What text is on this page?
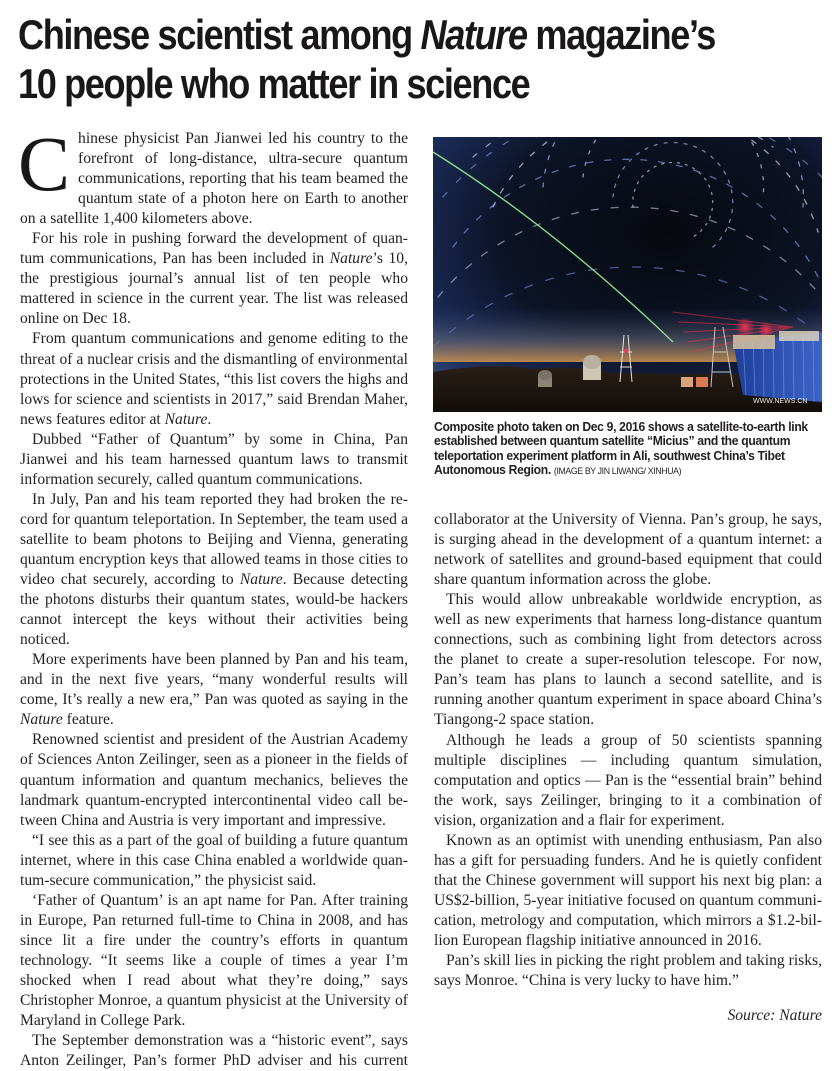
Chinese scientist among Nature magazine’s
10 people who matter in science

Chinese physicist Pan Jianwei led his country to the forefront of long-distance, ultra-secure quantum communications, reporting that his team beamed the quantum state of a photon here on Earth to another on a satellite 1,400 kilometers above.

For his role in pushing forward the development of quantum communications, Pan has been included in Nature’s 10, the prestigious journal’s annual list of ten people who mattered in science in the current year. The list was released online on Dec 18.

From quantum communications and genome editing to the threat of a nuclear crisis and the dismantling of environmental protections in the United States, “this list covers the highs and lows for science and scientists in 2017,” said Brendan Maher, news features editor at Nature.

Dubbed “Father of Quantum” by some in China, Pan Jianwei and his team harnessed quantum laws to transmit information securely, called quantum communications.

In July, Pan and his team reported they had broken the record for quantum teleportation. In September, the team used a satellite to beam photons to Beijing and Vienna, generating quantum encryption keys that allowed teams in those cities to video chat securely, according to Nature. Because detecting the photons disturbs their quantum states, would-be hackers cannot intercept the keys without their activities being noticed.

More experiments have been planned by Pan and his team, and in the next five years, “many wonderful results will come, It’s really a new era,” Pan was quoted as saying in the Nature feature.

Renowned scientist and president of the Austrian Academy of Sciences Anton Zeilinger, seen as a pioneer in the fields of quantum information and quantum mechanics, believes the landmark quantum-encrypted intercontinental video call between China and Austria is very important and impressive.

“I see this as a part of the goal of building a future quantum internet, where in this case China enabled a worldwide quantum-secure communication,” the physicist said.

‘Father of Quantum’ is an apt name for Pan. After training in Europe, Pan returned full-time to China in 2008, and has since lit a fire under the country’s efforts in quantum technology. “It seems like a couple of times a year I’m shocked when I read about what they’re doing,” says Christopher Monroe, a quantum physicist at the University of Maryland in College Park.

The September demonstration was a “historic event”, says Anton Zeilinger, Pan’s former PhD adviser and his current

WWW.NEWS.CN
Composite photo taken on Dec 9, 2016 shows a satellite-to-earth link established between quantum satellite “Micius” and the quantum teleportation experiment platform in Ali, southwest China’s Tibet Autonomous Region. (IMAGE BY JIN LIWANG/ XINHUA)

collaborator at the University of Vienna. Pan’s group, he says, is surging ahead in the development of a quantum internet: a network of satellites and ground-based equipment that could share quantum information across the globe.

This would allow unbreakable worldwide encryption, as well as new experiments that harness long-distance quantum connections, such as combining light from detectors across the planet to create a super-resolution telescope. For now, Pan’s team has plans to launch a second satellite, and is running another quantum experiment in space aboard China’s Tiangong-2 space station.

Although he leads a group of 50 scientists spanning multiple disciplines — including quantum simulation, computation and optics — Pan is the “essential brain” behind the work, says Zeilinger, bringing to it a combination of vision, organization and a flair for experiment.

Known as an optimist with unending enthusiasm, Pan also has a gift for persuading funders. And he is quietly confident that the Chinese government will support his next big plan: a US$2-billion, 5-year initiative focused on quantum communication, metrology and computation, which mirrors a $1.2-billion European flagship initiative announced in 2016.

Pan’s skill lies in picking the right problem and taking risks, says Monroe. “China is very lucky to have him.”

Source: Nature
